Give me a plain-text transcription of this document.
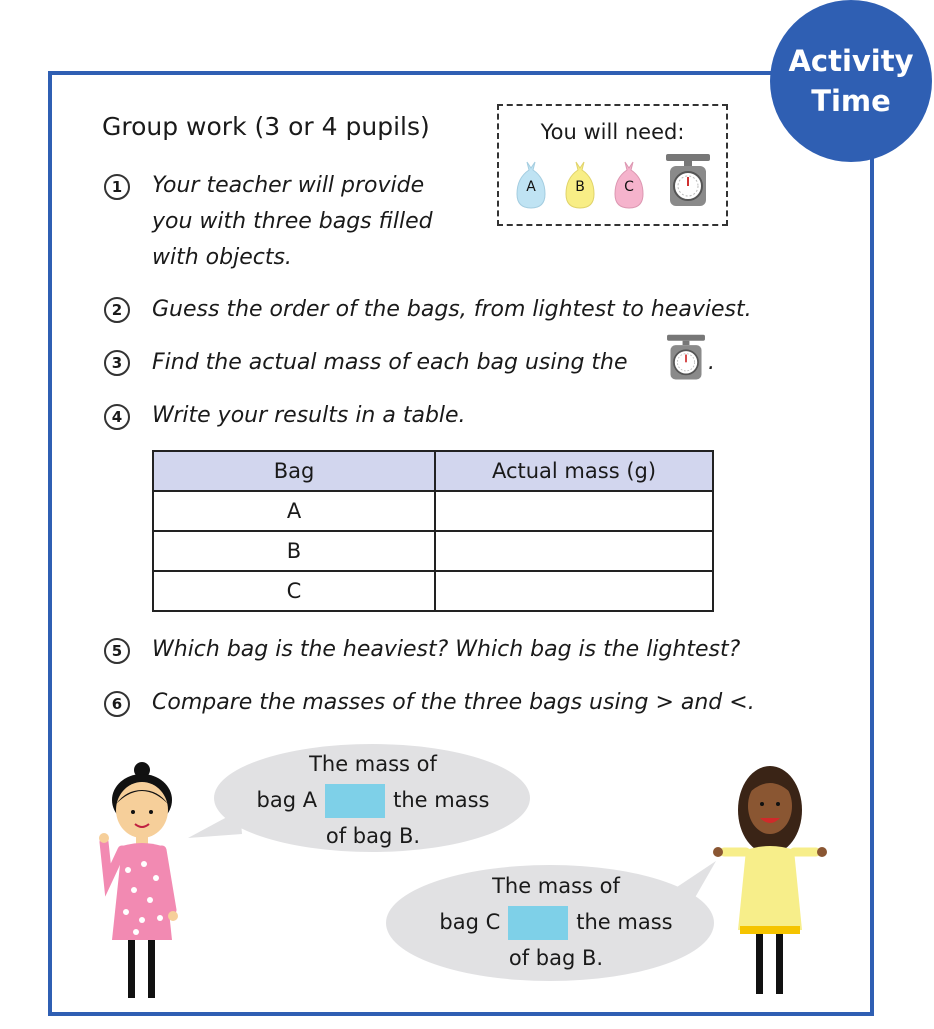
Activity
Time
Group work (3 or 4 pupils)	You will need:
A	B	C
1	Your teacher will provide
you with three bags filled
with objects.
2	Guess the order of the bags, from lightest to heaviest.
3	Find the actual mass of each bag using the	.
4	Write your results in a table.
Bag	Actual mass (g)
A	
B	
C	
5	Which bag is the heaviest? Which bag is the lightest?
6	Compare the masses of the three bags using > and <.
The mass of
bag A	the mass
of bag B.
The mass of
bag C	the mass
of bag B.
